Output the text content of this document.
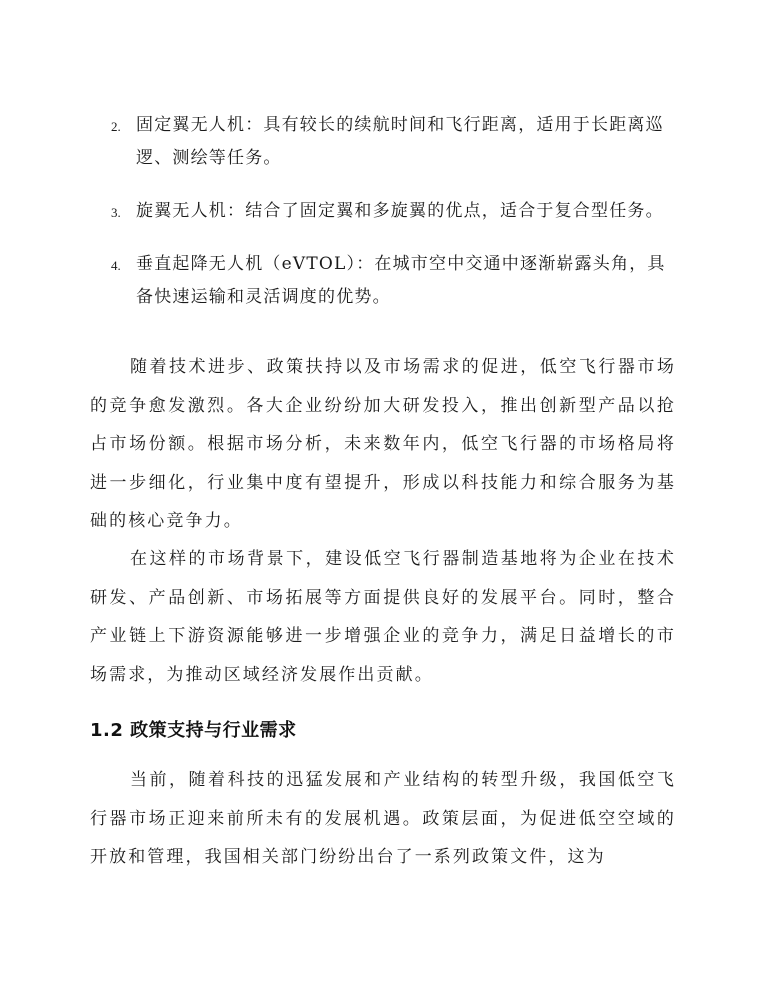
2. 固定翼无人机：具有较长的续航时间和飞行距离，适用于长距离巡逻、测绘等任务。
3. 旋翼无人机：结合了固定翼和多旋翼的优点，适合于复合型任务。
4. 垂直起降无人机（eVTOL）：在城市空中交通中逐渐崭露头角，具备快速运输和灵活调度的优势。

随着技术进步、政策扶持以及市场需求的促进，低空飞行器市场的竞争愈发激烈。各大企业纷纷加大研发投入，推出创新型产品以抢占市场份额。根据市场分析，未来数年内，低空飞行器的市场格局将进一步细化，行业集中度有望提升，形成以科技能力和综合服务为基础的核心竞争力。

在这样的市场背景下，建设低空飞行器制造基地将为企业在技术研发、产品创新、市场拓展等方面提供良好的发展平台。同时，整合产业链上下游资源能够进一步增强企业的竞争力，满足日益增长的市场需求，为推动区域经济发展作出贡献。

1.2 政策支持与行业需求

当前，随着科技的迅猛发展和产业结构的转型升级，我国低空飞行器市场正迎来前所未有的发展机遇。政策层面，为促进低空空域的开放和管理，我国相关部门纷纷出台了一系列政策文件，这为
